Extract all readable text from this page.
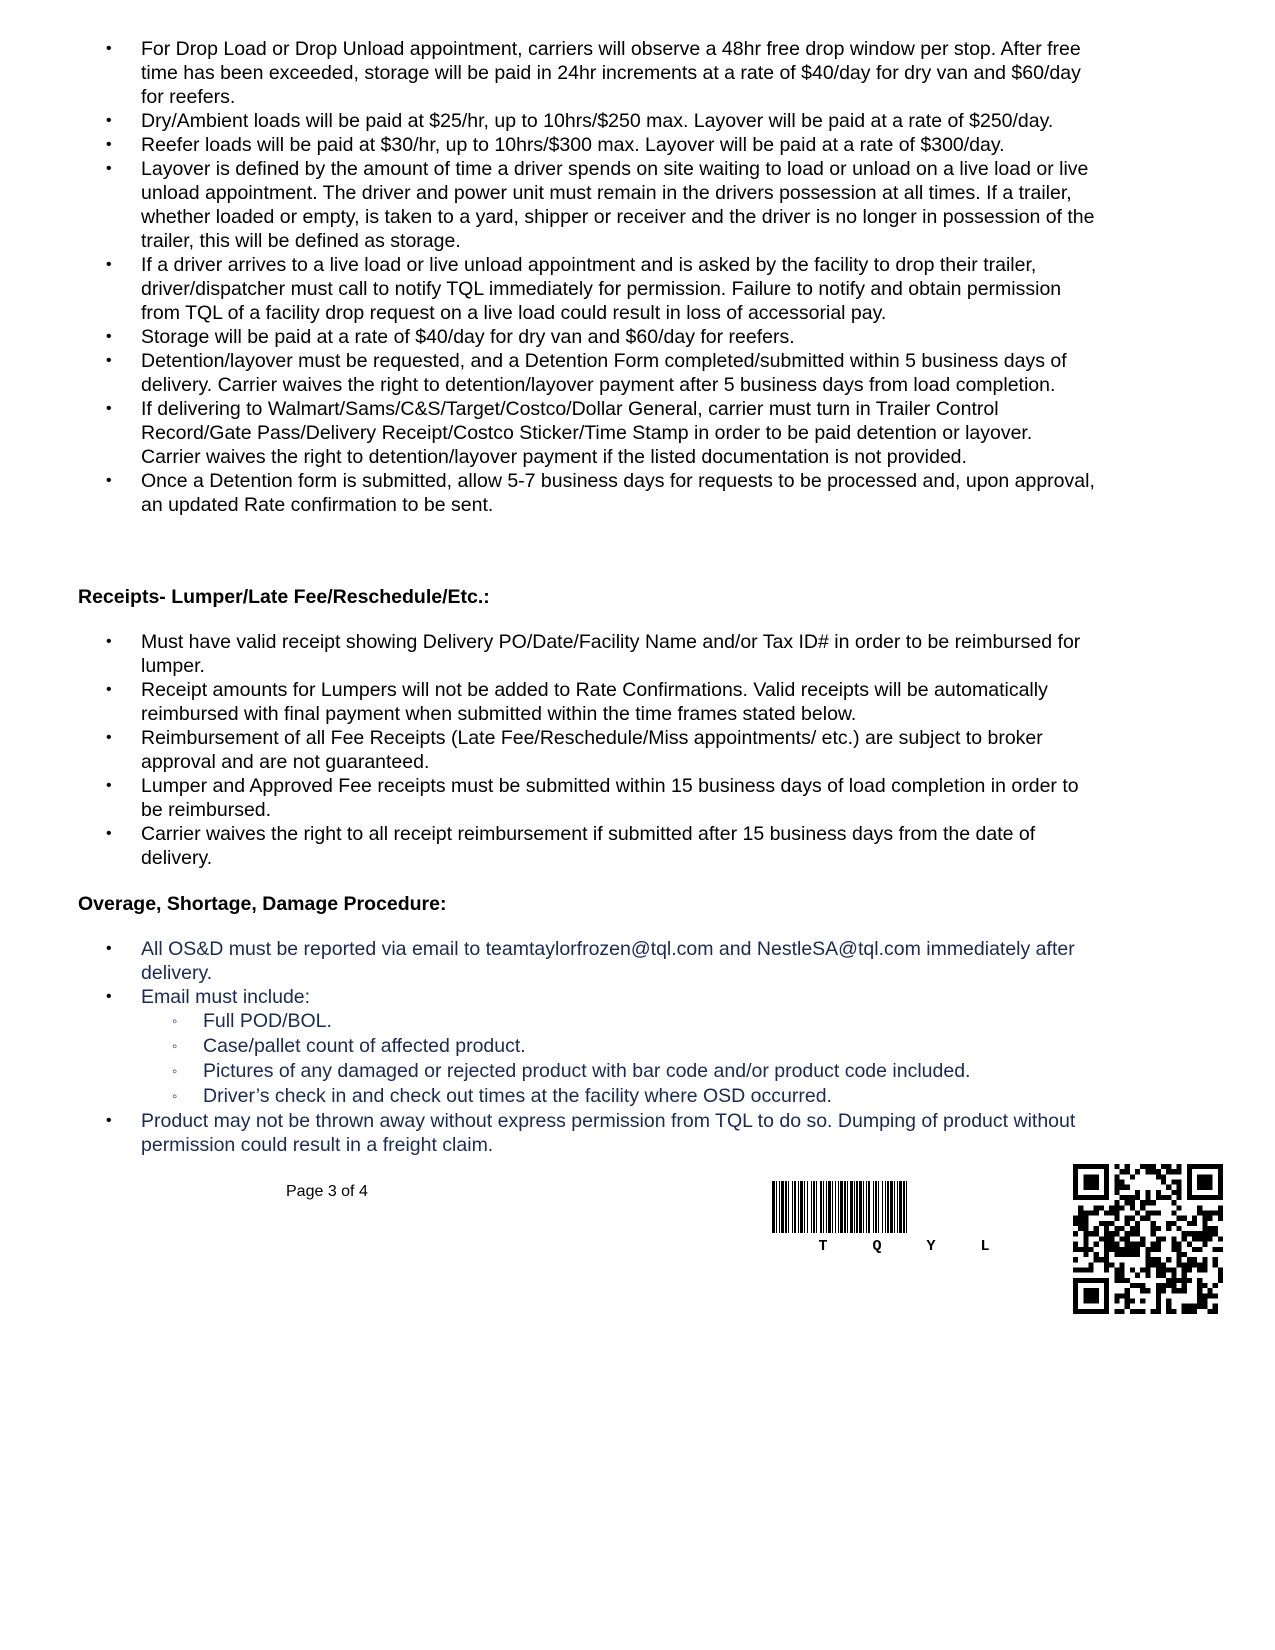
• For Drop Load or Drop Unload appointment, carriers will observe a 48hr free drop window per stop. After free time has been exceeded, storage will be paid in 24hr increments at a rate of $40/day for dry van and $60/day for reefers.
• Dry/Ambient loads will be paid at $25/hr, up to 10hrs/$250 max. Layover will be paid at a rate of $250/day.
• Reefer loads will be paid at $30/hr, up to 10hrs/$300 max. Layover will be paid at a rate of $300/day.
• Layover is defined by the amount of time a driver spends on site waiting to load or unload on a live load or live unload appointment. The driver and power unit must remain in the drivers possession at all times. If a trailer, whether loaded or empty, is taken to a yard, shipper or receiver and the driver is no longer in possession of the trailer, this will be defined as storage.
• If a driver arrives to a live load or live unload appointment and is asked by the facility to drop their trailer, driver/dispatcher must call to notify TQL immediately for permission. Failure to notify and obtain permission from TQL of a facility drop request on a live load could result in loss of accessorial pay.
• Storage will be paid at a rate of $40/day for dry van and $60/day for reefers.
• Detention/layover must be requested, and a Detention Form completed/submitted within 5 business days of delivery. Carrier waives the right to detention/layover payment after 5 business days from load completion.
• If delivering to Walmart/Sams/C&S/Target/Costco/Dollar General, carrier must turn in Trailer Control Record/Gate Pass/Delivery Receipt/Costco Sticker/Time Stamp in order to be paid detention or layover. Carrier waives the right to detention/layover payment if the listed documentation is not provided.
• Once a Detention form is submitted, allow 5-7 business days for requests to be processed and, upon approval, an updated Rate confirmation to be sent.
Receipts- Lumper/Late Fee/Reschedule/Etc.:
• Must have valid receipt showing Delivery PO/Date/Facility Name and/or Tax ID# in order to be reimbursed for lumper.
• Receipt amounts for Lumpers will not be added to Rate Confirmations. Valid receipts will be automatically reimbursed with final payment when submitted within the time frames stated below.
• Reimbursement of all Fee Receipts (Late Fee/Reschedule/Miss appointments/ etc.) are subject to broker approval and are not guaranteed.
• Lumper and Approved Fee receipts must be submitted within 15 business days of load completion in order to be reimbursed.
• Carrier waives the right to all receipt reimbursement if submitted after 15 business days from the date of delivery.
Overage, Shortage, Damage Procedure:
• All OS&D must be reported via email to teamtaylorfrozen@tql.com and NestleSA@tql.com immediately after delivery.
• Email must include:
◦ Full POD/BOL.
◦ Case/pallet count of affected product.
◦ Pictures of any damaged or rejected product with bar code and/or product code included.
◦ Driver’s check in and check out times at the facility where OSD occurred.
• Product may not be thrown away without express permission from TQL to do so. Dumping of product without permission could result in a freight claim.
Page 3 of 4
T Q Y L
